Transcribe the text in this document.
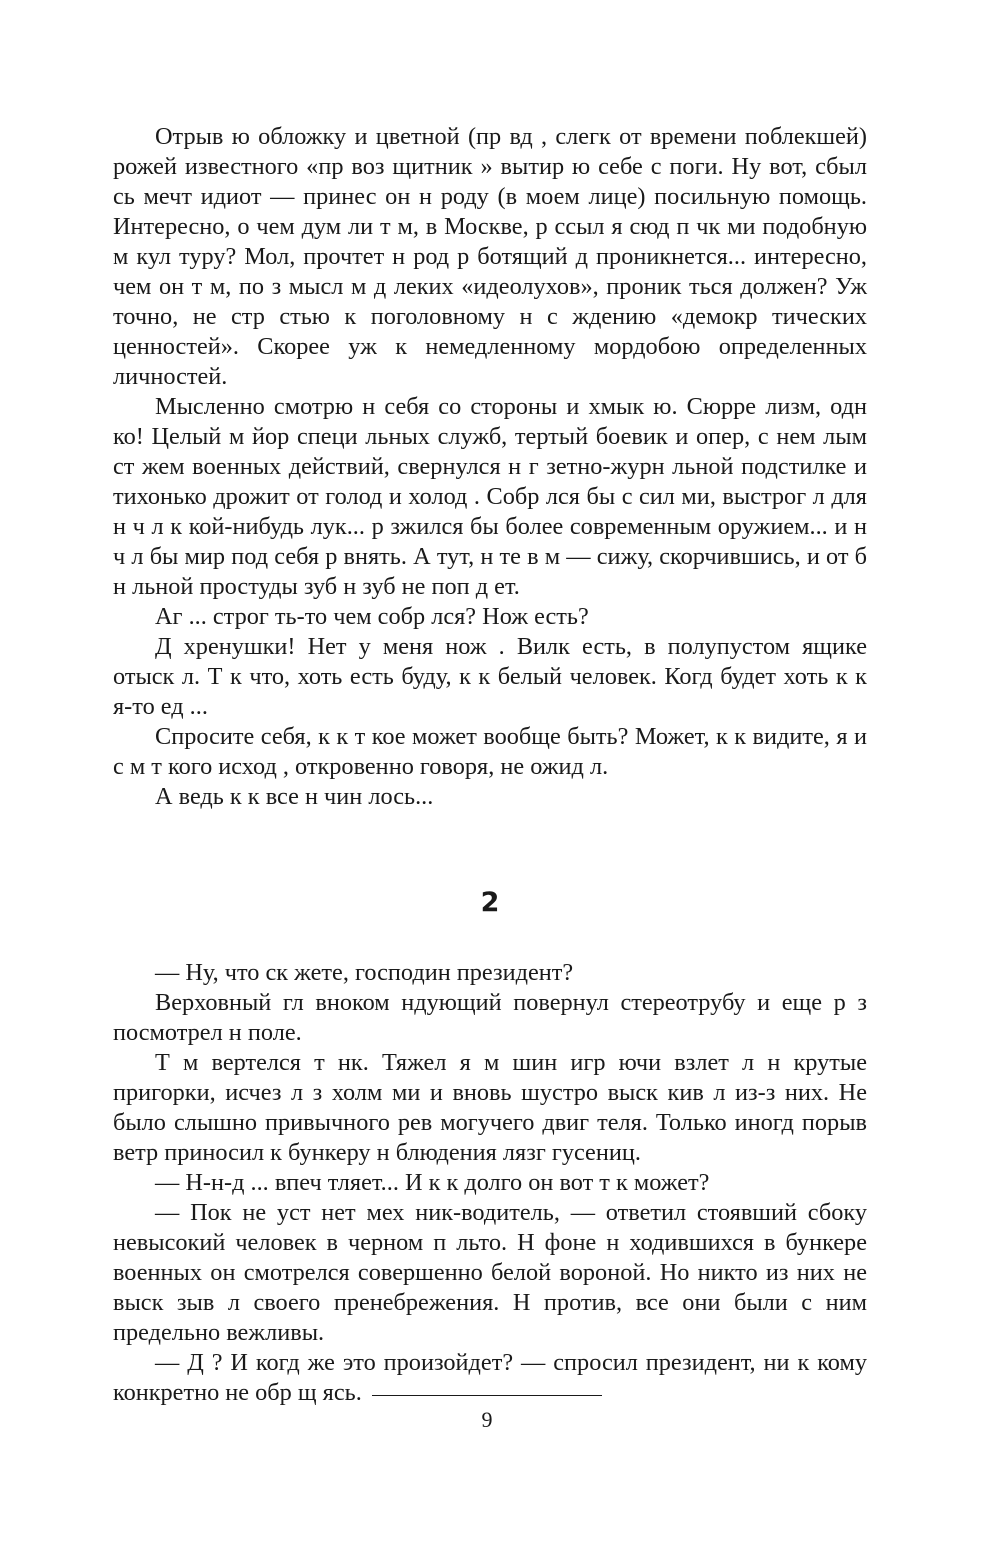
Отрыв ю обложку и цветной (пр вд , слегк от времени поблекшей) рожей известного «пр воз щитник » вытир ю себе с поги. Ну вот, сбыл сь мечт идиот — принес он н роду (в моем лице) посильную помощь. Интересно, о чем дум ли т м, в Москве, р ссыл я сюд п чк ми подобную м кул туру? Мол, прочтет н род р ботящий д проникнется... интересно, чем он т м, по з мысл м д леких «идеолухов», проник ться должен? Уж точно, не стр стью к поголовному н с ждению «демокр тических ценностей». Скорее уж к немедленному мордобою определенных личностей.

Мысленно смотрю н себя со стороны и хмык ю. Сюрре лизм, одн ко! Целый м йор специ льных служб, тертый боевик и опер, с нем лым ст жем военных действий, свернулся н г зетно-журн льной подстилке и тихонько дрожит от голод и холод . Собр лся бы с сил ми, выстрог л для н ч л к кой-нибудь лук... р зжился бы более современным оружием... и н ч л бы мир под себя р внять. А тут, н те в м — сижу, скорчившись, и от б н льной простуды зуб н зуб не поп д ет.

Аг ... строг ть-то чем собр лся? Нож есть?

Д хренушки! Нет у меня нож . Вилк есть, в полупустом ящике отыск л. Т к что, хоть есть буду, к к белый человек. Когд будет хоть к к я-то ед ...

Спросите себя, к к т кое может вообще быть? Может, к к видите, я и с м т кого исход , откровенно говоря, не ожид л.

А ведь к к все н чин лось...

2

— Ну, что ск жете, господин президент?

Верховный гл вноком ндующий повернул стереотрубу и еще р з посмотрел н поле.

Т м вертелся т нк. Тяжел я м шин игр ючи взлет л н крутые пригорки, исчез л з холм ми и вновь шустро выск кив л из-з них. Не было слышно привычного рев могучего двиг теля. Только иногд порыв ветр приносил к бункеру н блюдения лязг гусениц.

— Н-н-д ... впеч тляет... И к к долго он вот т к может?

— Пок не уст нет мех ник-водитель, — ответил стоявший сбоку невысокий человек в черном п льто. Н фоне н ходившихся в бункере военных он смотрелся совершенно белой вороной. Но никто из них не выск зыв л своего пренебрежения. Н против, все они были с ним предельно вежливы.

— Д ? И когд же это произойдет? — спросил президент, ни к кому конкретно не обр щ ясь.

9
